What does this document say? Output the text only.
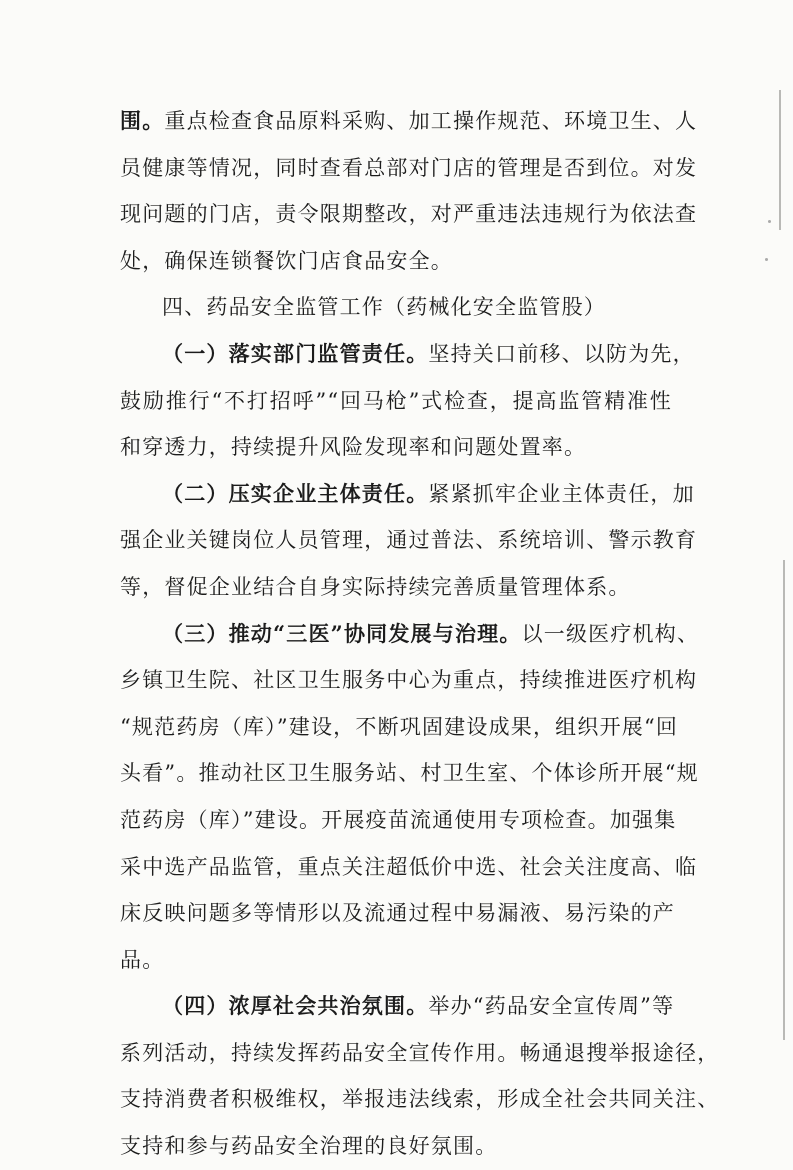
围。重点检查食品原料采购、加工操作规范、环境卫生、人
员健康等情况，同时查看总部对门店的管理是否到位。对发
现问题的门店，责令限期整改，对严重违法违规行为依法查
处，确保连锁餐饮门店食品安全。
四、药品安全监管工作（药械化安全监管股）
（一）落实部门监管责任。坚持关口前移、以防为先，
鼓励推行“不打招呼”“回马枪”式检查，提高监管精准性
和穿透力，持续提升风险发现率和问题处置率。
（二）压实企业主体责任。紧紧抓牢企业主体责任，加
强企业关键岗位人员管理，通过普法、系统培训、警示教育
等，督促企业结合自身实际持续完善质量管理体系。
（三）推动“三医”协同发展与治理。以一级医疗机构、
乡镇卫生院、社区卫生服务中心为重点，持续推进医疗机构
“规范药房（库）”建设，不断巩固建设成果，组织开展“回
头看”。推动社区卫生服务站、村卫生室、个体诊所开展“规
范药房（库）”建设。开展疫苗流通使用专项检查。加强集
采中选产品监管，重点关注超低价中选、社会关注度高、临
床反映问题多等情形以及流通过程中易漏液、易污染的产
品。
（四）浓厚社会共治氛围。举办“药品安全宣传周”等
系列活动，持续发挥药品安全宣传作用。畅通退搜举报途径，
支持消费者积极维权，举报违法线索，形成全社会共同关注、
支持和参与药品安全治理的良好氛围。
